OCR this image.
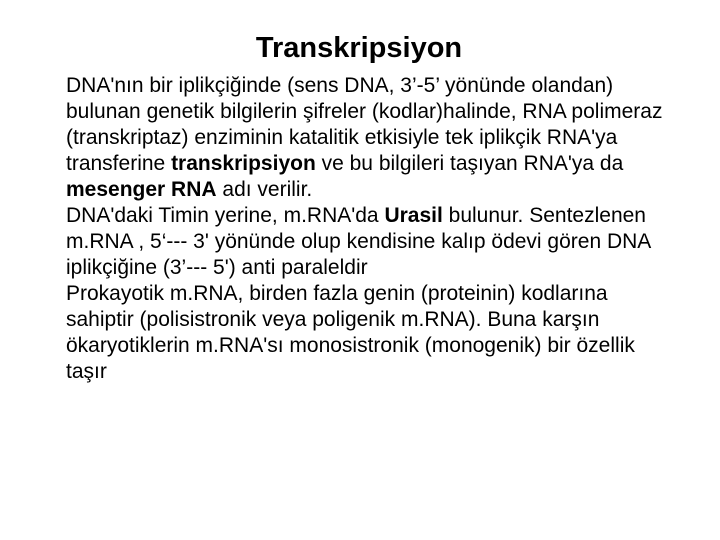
Transkripsiyon

DNA'nın bir iplikçiğinde (sens DNA, 3’-5’ yönünde olandan) bulunan genetik bilgilerin şifreler (kodlar)halinde, RNA polimeraz (transkriptaz) enziminin katalitik etkisiyle tek iplikçik RNA'ya transferine transkripsiyon ve bu bilgileri taşıyan RNA'ya da mesenger RNA adı verilir.

DNA'daki Timin yerine, m.RNA'da Urasil bulunur. Sentezlenen m.RNA , 5‘--- 3' yönünde olup kendisine kalıp ödevi gören DNA iplikçiğine (3’--- 5') anti paraleldir

Prokayotik m.RNA, birden fazla genin (proteinin) kodlarına sahiptir (polisistronik veya poligenik m.RNA). Buna karşın ökaryotiklerin m.RNA'sı monosistronik (monogenik) bir özellik taşır
